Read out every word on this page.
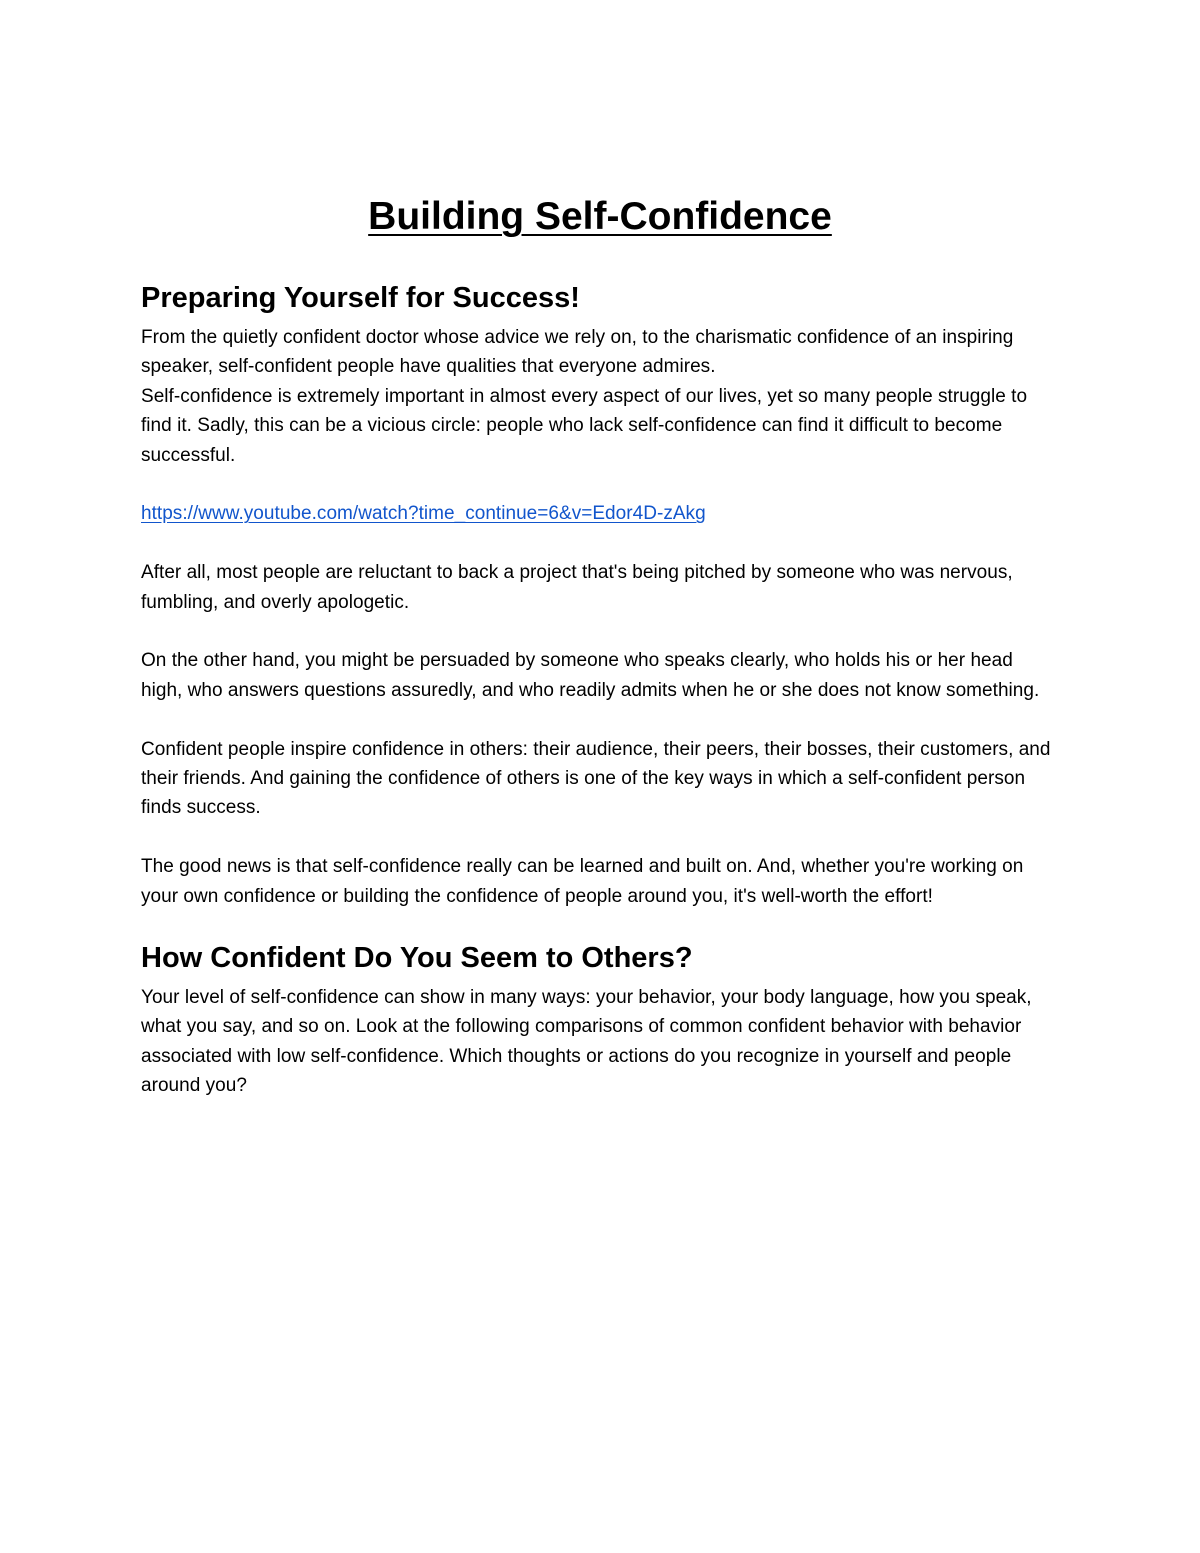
Building Self-Confidence
Preparing Yourself for Success!

From the quietly confident doctor whose advice we rely on, to the charismatic confidence of an inspiring speaker, self-confident people have qualities that everyone admires.

Self-confidence is extremely important in almost every aspect of our lives, yet so many people struggle to find it. Sadly, this can be a vicious circle: people who lack self-confidence can find it difficult to become successful.

https://www.youtube.com/watch?time_continue=6&v=Edor4D-zAkg

After all, most people are reluctant to back a project that's being pitched by someone who was nervous, fumbling, and overly apologetic.

On the other hand, you might be persuaded by someone who speaks clearly, who holds his or her head high, who answers questions assuredly, and who readily admits when he or she does not know something.

Confident people inspire confidence in others: their audience, their peers, their bosses, their customers, and their friends. And gaining the confidence of others is one of the key ways in which a self-confident person finds success.

The good news is that self-confidence really can be learned and built on. And, whether you're working on your own confidence or building the confidence of people around you, it's well-worth the effort!

How Confident Do You Seem to Others?

Your level of self-confidence can show in many ways: your behavior, your body language, how you speak, what you say, and so on. Look at the following comparisons of common confident behavior with behavior associated with low self-confidence. Which thoughts or actions do you recognize in yourself and people around you?
